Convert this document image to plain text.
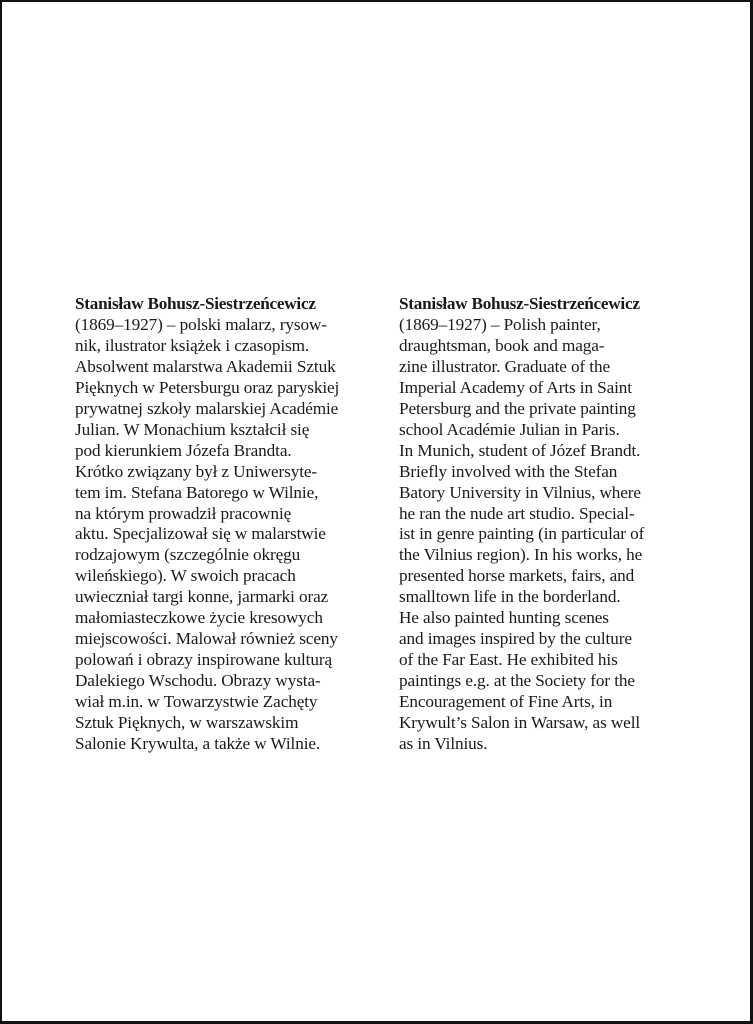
Stanisław Bohusz-Siestrzeńcewicz
(1869–1927) – polski malarz, rysow-
nik, ilustrator książek i czasopism.
Absolwent malarstwa Akademii Sztuk
Pięknych w Petersburgu oraz paryskiej
prywatnej szkoły malarskiej Académie
Julian. W Monachium kształcił się
pod kierunkiem Józefa Brandta.
Krótko związany był z Uniwersyte-
tem im. Stefana Batorego w Wilnie,
na którym prowadził pracownię
aktu. Specjalizował się w malarstwie
rodzajowym (szczególnie okręgu
wileńskiego). W swoich pracach
uwieczniał targi konne, jarmarki oraz
małomiasteczkowe życie kresowych
miejscowości. Malował również sceny
polowań i obrazy inspirowane kulturą
Dalekiego Wschodu. Obrazy wysta-
wiał m.in. w Towarzystwie Zachęty
Sztuk Pięknych, w warszawskim
Salonie Krywulta, a także w Wilnie.
Stanisław Bohusz-Siestrzeńcewicz
(1869–1927) – Polish painter,
draughtsman, book and maga-
zine illustrator. Graduate of the
Imperial Academy of Arts in Saint
Petersburg and the private painting
school Académie Julian in Paris.
In Munich, student of Józef Brandt.
Briefly involved with the Stefan
Batory University in Vilnius, where
he ran the nude art studio. Special-
ist in genre painting (in particular of
the Vilnius region). In his works, he
presented horse markets, fairs, and
smalltown life in the borderland.
He also painted hunting scenes
and images inspired by the culture
of the Far East. He exhibited his
paintings e.g. at the Society for the
Encouragement of Fine Arts, in
Krywult’s Salon in Warsaw, as well
as in Vilnius.
